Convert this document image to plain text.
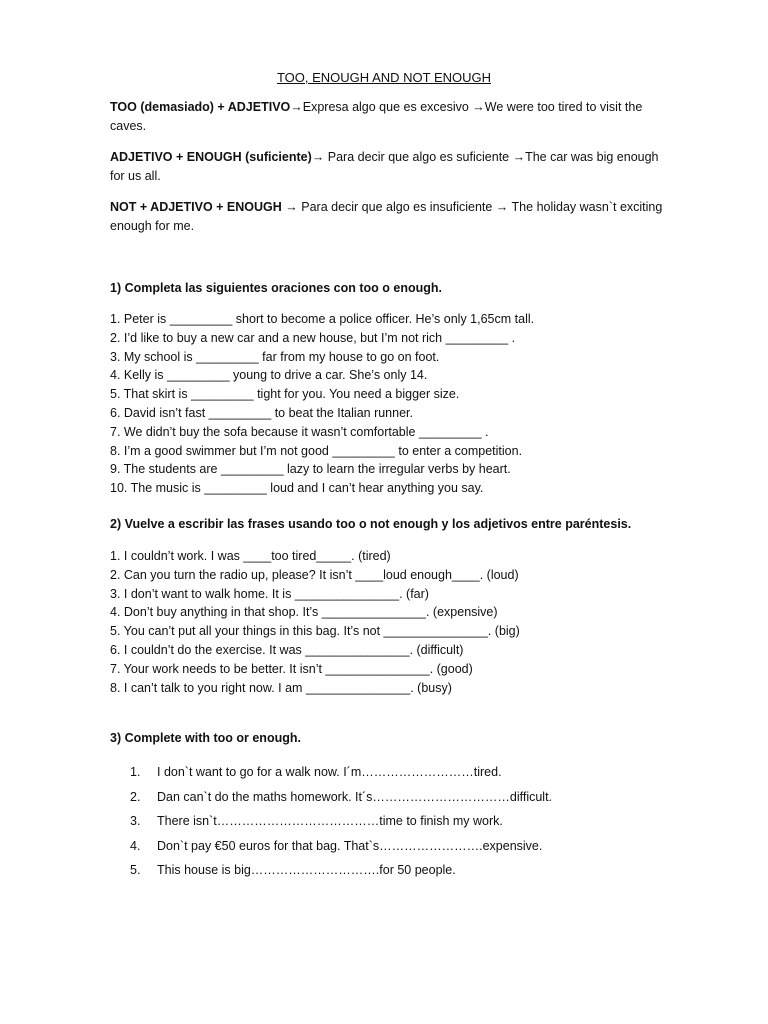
TOO, ENOUGH AND NOT ENOUGH
TOO (demasiado) + ADJETIVO→Expresa algo que es excesivo →We were too tired to visit the caves.
ADJETIVO + ENOUGH (suficiente)→ Para decir que algo es suficiente →The car was big enough for us all.
NOT + ADJETIVO + ENOUGH → Para decir que algo es insuficiente → The holiday wasn`t exciting enough for me.
1) Completa las siguientes oraciones con too o enough.
1. Peter is _________ short to become a police officer. He’s only 1,65cm tall.
2. I’d like to buy a new car and a new house, but I’m not rich _________ .
3. My school is _________ far from my house to go on foot.
4. Kelly is _________ young to drive a car. She’s only 14.
5. That skirt is _________ tight for you. You need a bigger size.
6. David isn’t fast _________ to beat the Italian runner.
7. We didn’t buy the sofa because it wasn’t comfortable _________ .
8. I’m a good swimmer but I’m not good _________ to enter a competition.
9. The students are _________ lazy to learn the irregular verbs by heart.
10. The music is _________ loud and I can’t hear anything you say.
2) Vuelve a escribir las frases usando too o not enough y los adjetivos entre paréntesis.
1. I couldn’t work. I was ____too tired_____. (tired)
2. Can you turn the radio up, please? It isn’t ____loud enough____. (loud)
3. I don’t want to walk home. It is _______________. (far)
4. Don’t buy anything in that shop. It’s _______________. (expensive)
5. You can’t put all your things in this bag. It’s not _______________. (big)
6. I couldn’t do the exercise. It was _______________. (difficult)
7. Your work needs to be better. It isn’t _______________. (good)
8. I can’t talk to you right now. I am _______________. (busy)
3) Complete with too or enough.
1. I don`t want to go for a walk now. I´m………………………tired.
2. Dan can`t do the maths homework. It´s……………………………difficult.
3. There isn`t…………………………………time to finish my work.
4. Don`t pay €50 euros for that bag. That`s…………………….expensive.
5. This house is big………………………….for 50 people.
